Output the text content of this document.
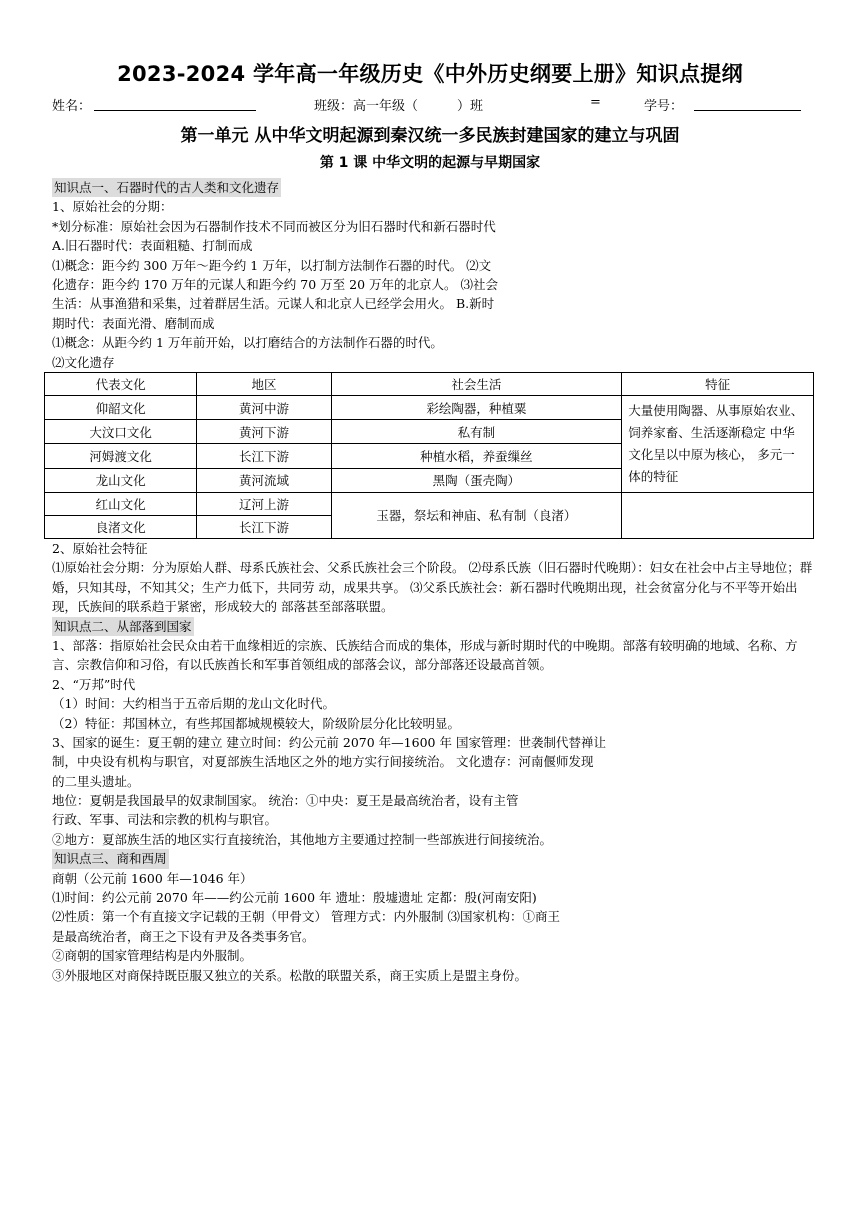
2023-2024 学年高一年级历史《中外历史纲要上册》知识点提纲
姓名：	班级：高一年级（　　　）班	=	学号：
第一单元 从中华文明起源到秦汉统一多民族封建国家的建立与巩固
第 1 课 中华文明的起源与早期国家
知识点一、石器时代的古人类和文化遗存
1、原始社会的分期：
*划分标准：原始社会因为石器制作技术不同而被区分为旧石器时代和新石器时代
A.旧石器时代：表面粗糙、打制而成
⑴概念：距今约 300 万年～距今约 1 万年，以打制方法制作石器的时代。 ⑵文
化遗存：距今约 170 万年的元谋人和距今约 70 万至 20 万年的北京人。 ⑶社会
生活：从事渔猎和采集，过着群居生活。元谋人和北京人已经学会用火。 B.新时
期时代：表面光滑、磨制而成
⑴概念：从距今约 1 万年前开始，以打磨结合的方法制作石器的时代。
⑵文化遗存
代表文化	地区	社会生活	特征
仰韶文化	黄河中游	彩绘陶器，种植粟	大量使用陶器、从事原始农业、饲养家畜、生活逐渐稳定 中华文化呈以中原为核心， 多元一体的特征
大汶口文化	黄河下游	私有制	
河姆渡文化	长江下游	种植水稻，养蚕缫丝	
龙山文化	黄河流域	黑陶（蛋壳陶）	
红山文化	辽河上游	玉器，祭坛和神庙、私有制（良渚）	
良渚文化	长江下游		
2、原始社会特征
⑴原始社会分期：分为原始人群、母系氏族社会、父系氏族社会三个阶段。 ⑵母系氏族（旧石器时代晚期）：妇女在社会中占主导地位；群婚，只知其母，不知其父；生产力低下，共同劳 动，成果共享。 ⑶父系氏族社会：新石器时代晚期出现，社会贫富分化与不平等开始出现，氏族间的联系趋于紧密，形成较大的 部落甚至部落联盟。
知识点二、从部落到国家
1、部落：指原始社会民众由若干血缘相近的宗族、氏族结合而成的集体，形成与新时期时代的中晚期。部落有较明确的地域、名称、方言、宗教信仰和习俗，有以氏族酋长和军事首领组成的部落会议，部分部落还设最高首领。
2、“万邦”时代
（1）时间：大约相当于五帝后期的龙山文化时代。
（2）特征：邦国林立，有些邦国都城规模较大，阶级阶层分化比较明显。
3、国家的诞生：夏王朝的建立 建立时间：约公元前 2070 年—1600 年 国家管理：世袭制代替禅让
制，中央设有机构与职官，对夏部族生活地区之外的地方实行间接统治。 文化遗存：河南偃师发现
的二里头遗址。
地位：夏朝是我国最早的奴隶制国家。 统治：①中央：夏王是最高统治者，设有主管
行政、军事、司法和宗教的机构与职官。
②地方：夏部族生活的地区实行直接统治，其他地方主要通过控制一些部族进行间接统治。
知识点三、商和西周
商朝（公元前 1600 年—1046 年）
⑴时间：约公元前 2070 年——约公元前 1600 年 遗址：殷墟遗址 定都：殷(河南安阳)
⑵性质：第一个有直接文字记载的王朝（甲骨文） 管理方式：内外服制 ⑶国家机构：①商王
是最高统治者，商王之下设有尹及各类事务官。
②商朝的国家管理结构是内外服制。
③外服地区对商保持既臣服又独立的关系。松散的联盟关系，商王实质上是盟主身份。
